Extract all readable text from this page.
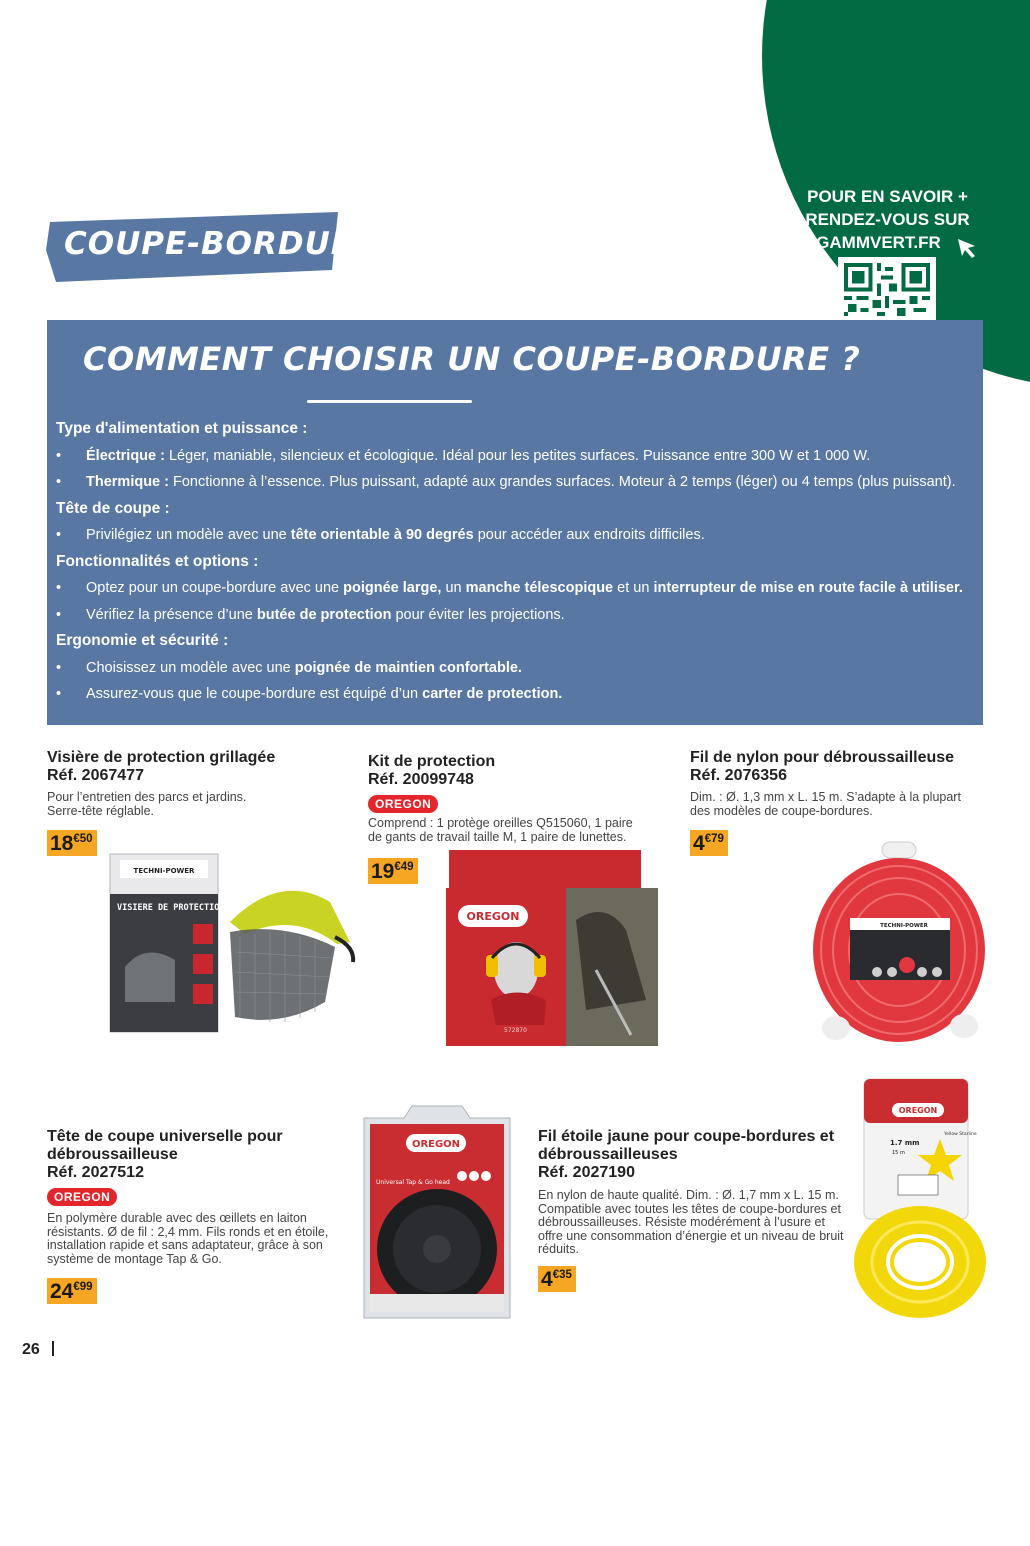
COUPE-BORDURES
POUR EN SAVOIR +
RENDEZ-VOUS SUR
GAMMVERT.FR
COMMENT CHOISIR UN COUPE-BORDURE ?
Type d'alimentation et puissance :
• Électrique : Léger, maniable, silencieux et écologique. Idéal pour les petites surfaces. Puissance entre 300 W et 1 000 W.
• Thermique : Fonctionne à l’essence. Plus puissant, adapté aux grandes surfaces. Moteur à 2 temps (léger) ou 4 temps (plus puissant).
Tête de coupe :
• Privilégiez un modèle avec une tête orientable à 90 degrés pour accéder aux endroits difficiles.
Fonctionnalités et options :
• Optez pour un coupe-bordure avec une poignée large, un manche télescopique et un interrupteur de mise en route facile à utiliser.
• Vérifiez la présence d’une butée de protection pour éviter les projections.
Ergonomie et sécurité :
• Choisissez un modèle avec une poignée de maintien confortable.
• Assurez-vous que le coupe-bordure est équipé d’un carter de protection.
Visière de protection grillagée
Réf. 2067477
Pour l’entretien des parcs et jardins. Serre-tête réglable.
$18^{€50}$
TECHNI-POWER
VISIERE DE PROTECTION
Kit de protection
Réf. 20099748
OREGON
Comprend : 1 protège oreilles Q515060, 1 paire de gants de travail taille M, 1 paire de lunettes.
$19^{€49}$
OREGON
572870
Fil de nylon pour débroussailleuse
Réf. 2076356
Dim. : Ø. 1,3 mm x L. 15 m. S’adapte à la plupart des modèles de coupe-bordures.
$4^{€79}$
TECHNI-POWER
Tête de coupe universelle pour débroussailleuse
Réf. 2027512
OREGON
En polymère durable avec des œillets en laiton résistants. Ø de fil : 2,4 mm. Fils ronds et en étoile, installation rapide et sans adaptateur, grâce à son système de montage Tap & Go.
$24^{€99}$
OREGON
Universal Tap & Go head
Fil étoile jaune pour coupe-bordures et débroussailleuses
Réf. 2027190
En nylon de haute qualité. Dim. : Ø. 1,7 mm x L. 15 m. Compatible avec toutes les têtes de coupe-bordures et débroussailleuses. Résiste modérément à l’usure et offre une consommation d’énergie et un niveau de bruit réduits.
$4^{€35}$
OREGON
Yellow Starline
1.7 mm
15 m
26
